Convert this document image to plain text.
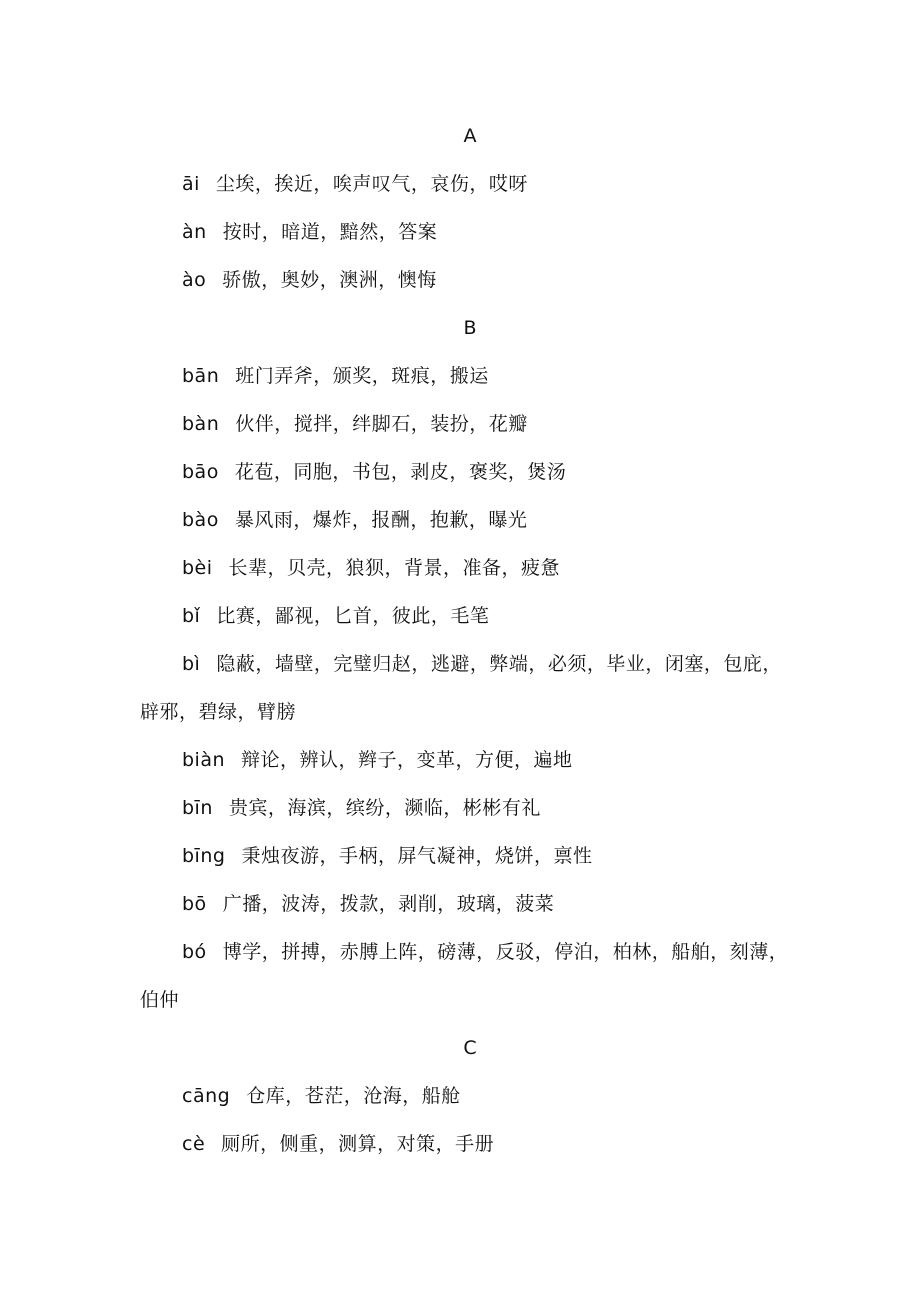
A
āi 尘埃，挨近，唉声叹气，哀伤，哎呀
àn 按时，暗道，黯然，答案
ào 骄傲，奥妙，澳洲，懊悔
B
bān 班门弄斧，颁奖，斑痕，搬运
bàn 伙伴，搅拌，绊脚石，装扮，花瓣
bāo 花苞，同胞，书包，剥皮，褒奖，煲汤
bào 暴风雨，爆炸，报酬，抱歉，曝光
bèi 长辈，贝壳，狼狈，背景，准备，疲惫
bǐ 比赛，鄙视，匕首，彼此，毛笔
bì 隐蔽，墙壁，完璧归赵，逃避，弊端，必须，毕业，闭塞，包庇，辟邪，碧绿，臂膀
biàn 辩论，辨认，辫子，变革，方便，遍地
bīn 贵宾，海滨，缤纷，濒临，彬彬有礼
bīng 秉烛夜游，手柄，屏气凝神，烧饼，禀性
bō 广播，波涛，拨款，剥削，玻璃，菠菜
bó 博学，拼搏，赤膊上阵，磅薄，反驳，停泊，柏林，船舶，刻薄，伯仲
C
cāng 仓库，苍茫，沧海，船舱
cè 厕所，侧重，测算，对策，手册
